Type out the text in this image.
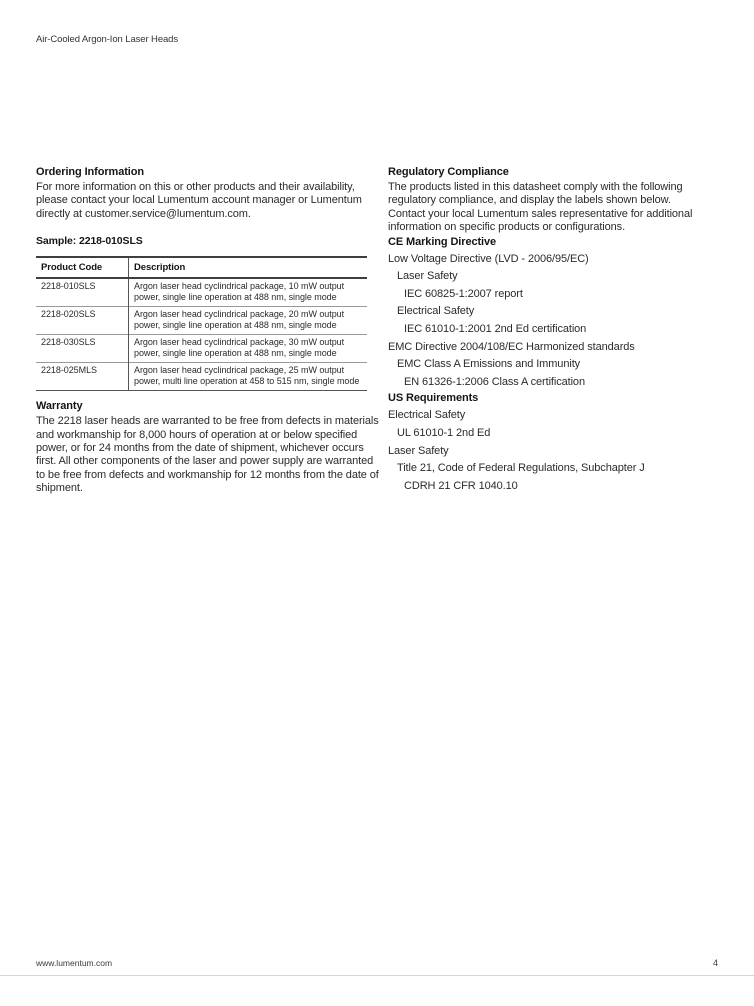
Air-Cooled Argon-Ion Laser Heads
Ordering Information

For more information on this or other products and their availability, please contact your local Lumentum account manager or Lumentum directly at customer.service@lumentum.com.

Sample: 2218-010SLS
Product Code	Description
2218-010SLS	Argon laser head cyclindrical package, 10 mW output power, single line operation at 488 nm, single mode
2218-020SLS	Argon laser head cyclindrical package, 20 mW output power, single line operation at 488 nm, single mode
2218-030SLS	Argon laser head cyclindrical package, 30 mW output power, single line operation at 488 nm, single mode
2218-025MLS	Argon laser head cyclindrical package, 25 mW output power, multi line operation at 458 to 515 nm, single mode
Warranty

The 2218 laser heads are warranted to be free from defects in materials and workmanship for 8,000 hours of operation at or below specified power, or for 24 months from the date of shipment, whichever occurs first. All other components of the laser and power supply are warranted to be free from defects and workmanship for 12 months from the date of shipment.

Regulatory Compliance

The products listed in this datasheet comply with the following regulatory compliance, and display the labels shown below.

Contact your local Lumentum sales representative for additional information on specific products or configurations.

CE Marking Directive
Low Voltage Directive (LVD - 2006/95/EC)
Laser Safety
IEC 60825-1:2007 report
Electrical Safety
IEC 61010-1:2001 2nd Ed certification
EMC Directive 2004/108/EC Harmonized standards
EMC Class A Emissions and Immunity
EN 61326-1:2006 Class A certification
US Requirements
Electrical Safety
UL 61010-1 2nd Ed
Laser Safety
Title 21, Code of Federal Regulations, Subchapter J
CDRH 21 CFR 1040.10
www.lumentum.com	4
